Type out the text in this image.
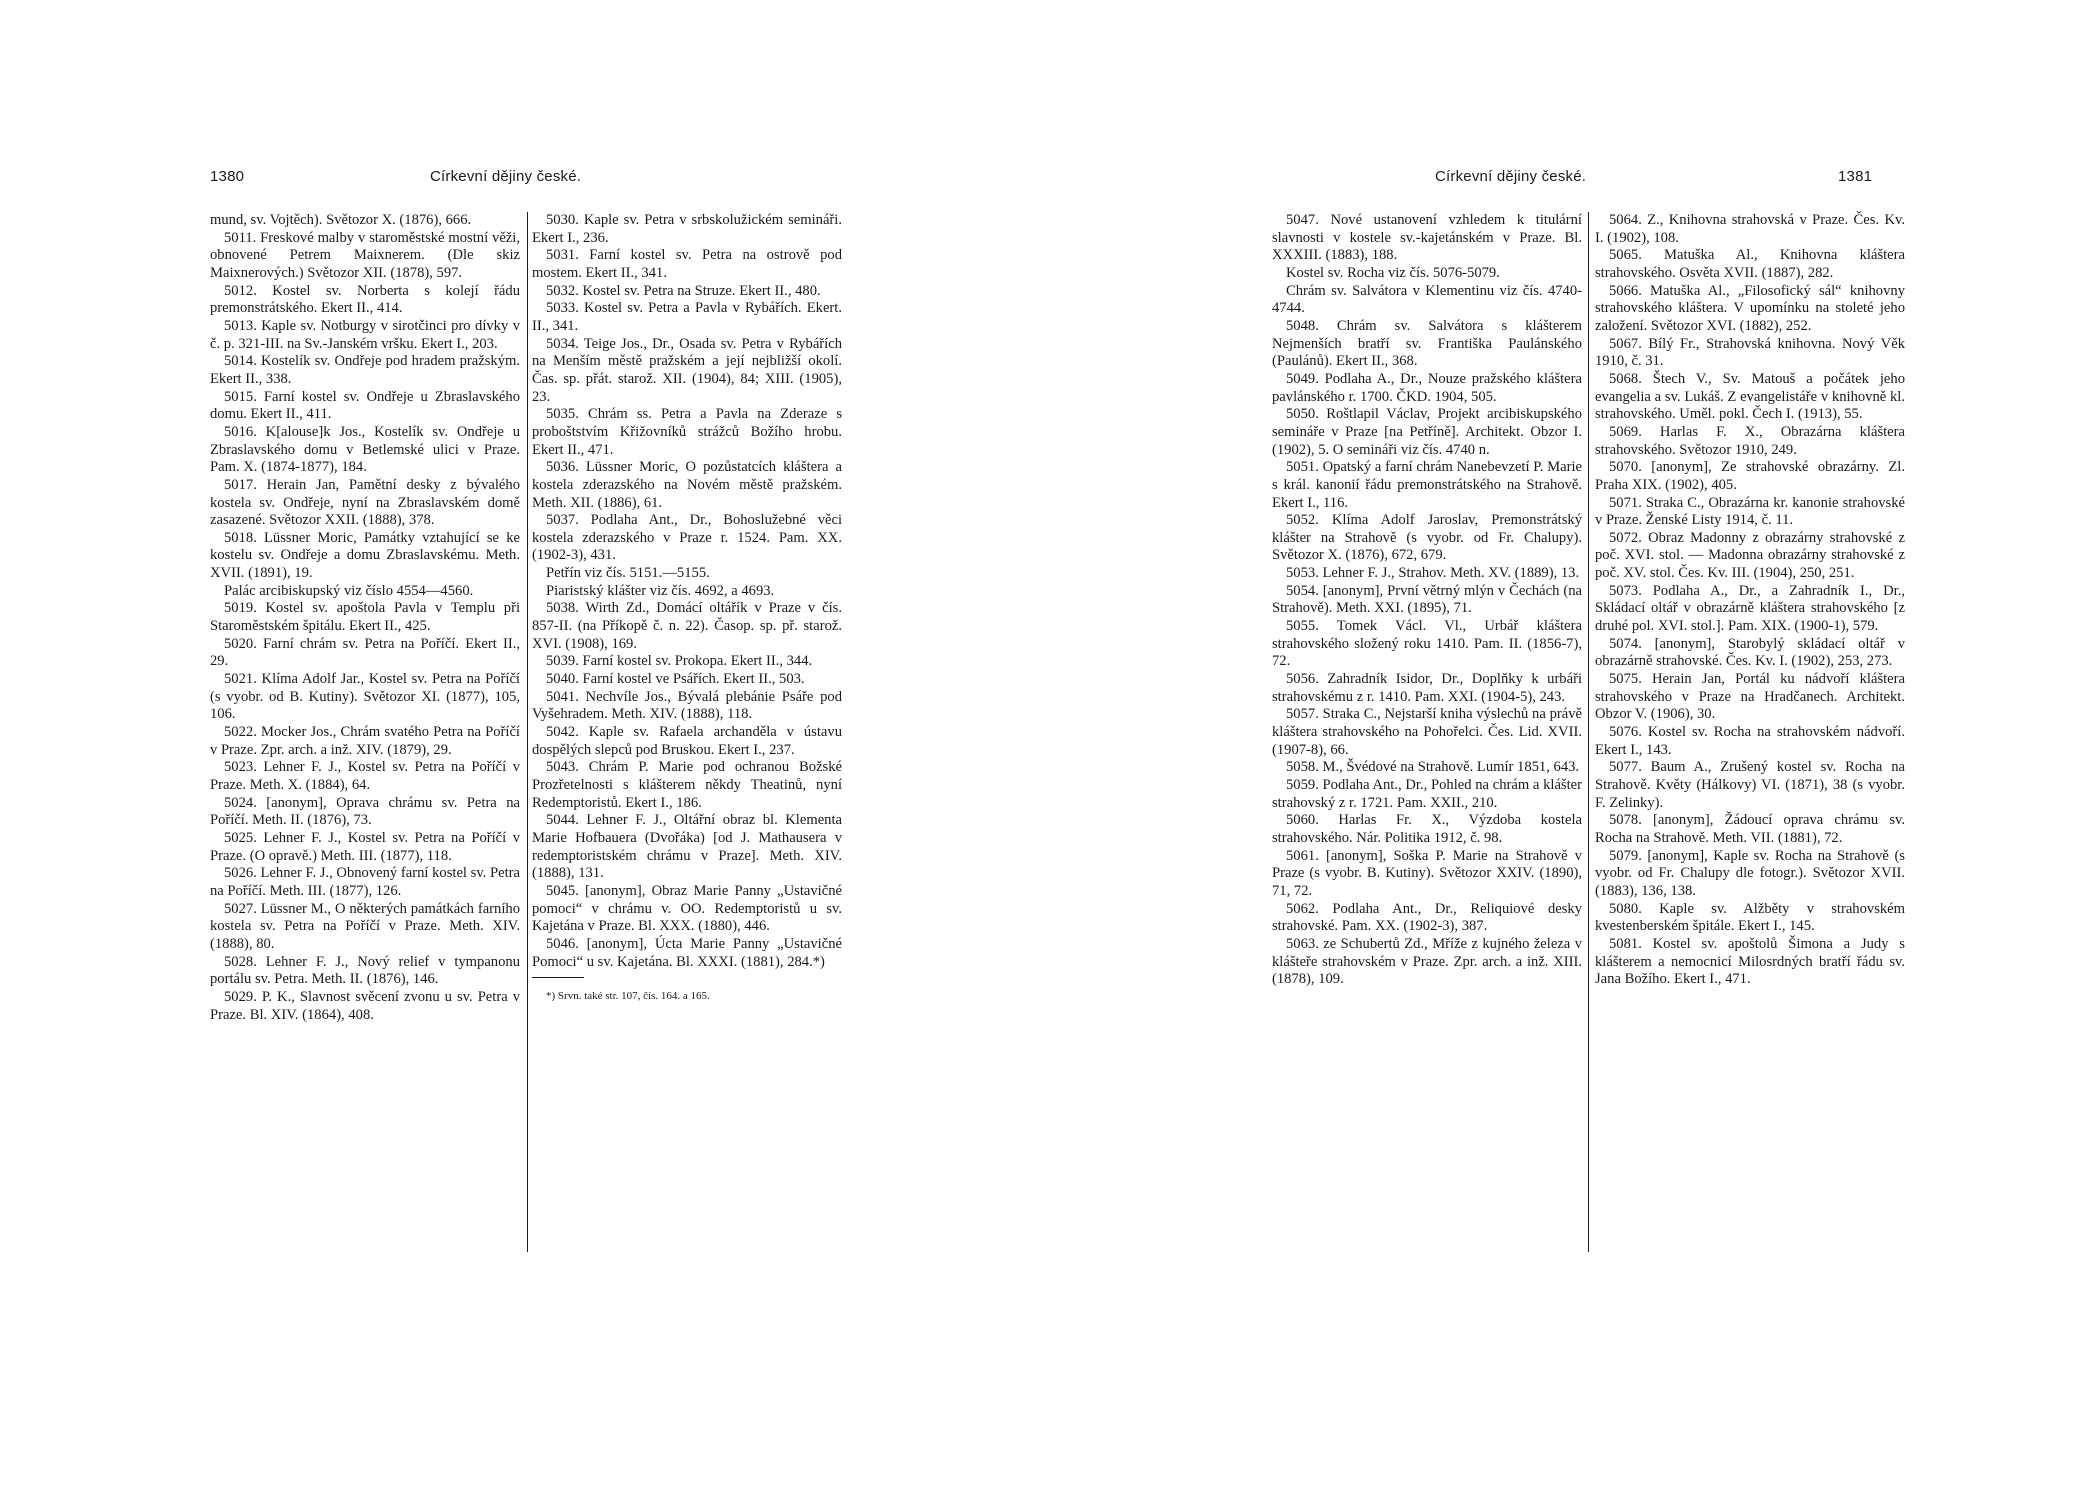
1380	Církevní dějiny české.

mund, sv. Vojtěch). Světozor X. (1876), 666.

5011. Freskové malby v staroměstské mostní věži, obnovené Petrem Maixnerem. (Dle skiz Maixnerových.) Světozor XII. (1878), 597.

5012. Kostel sv. Norberta s kolejí řádu premonstrátského. Ekert II., 414.

5013. Kaple sv. Notburgy v sirotčinci pro dívky v č. p. 321-III. na Sv.-Janském vršku. Ekert I., 203.

5014. Kostelík sv. Ondřeje pod hradem pražským. Ekert II., 338.

5015. Farní kostel sv. Ondřeje u Zbraslavského domu. Ekert II., 411.

5016. K[alouse]k Jos., Kostelík sv. Ondřeje u Zbraslavského domu v Betlemské ulici v Praze. Pam. X. (1874-1877), 184.

5017. Herain Jan, Pamětní desky z bývalého kostela sv. Ondřeje, nyní na Zbraslavském domě zasazené. Světozor XXII. (1888), 378.

5018. Lüssner Moric, Památky vztahující se ke kostelu sv. Ondřeje a domu Zbraslavskému. Meth. XVII. (1891), 19.

Palác arcibiskupský viz číslo 4554—4560.

5019. Kostel sv. apoštola Pavla v Templu při Staroměstském špitálu. Ekert II., 425.

5020. Farní chrám sv. Petra na Poříčí. Ekert II., 29.

5021. Klíma Adolf Jar., Kostel sv. Petra na Poříčí (s vyobr. od B. Kutiny). Světozor XI. (1877), 105, 106.

5022. Mocker Jos., Chrám svatého Petra na Poříčí v Praze. Zpr. arch. a inž. XIV. (1879), 29.

5023. Lehner F. J., Kostel sv. Petra na Poříčí v Praze. Meth. X. (1884), 64.

5024. [anonym], Oprava chrámu sv. Petra na Poříčí. Meth. II. (1876), 73.

5025. Lehner F. J., Kostel sv. Petra na Poříčí v Praze. (O opravě.) Meth. III. (1877), 118.

5026. Lehner F. J., Obnovený farní kostel sv. Petra na Poříčí. Meth. III. (1877), 126.

5027. Lüssner M., O některých památkách farního kostela sv. Petra na Poříčí v Praze. Meth. XIV. (1888), 80.

5028. Lehner F. J., Nový relief v tympanonu portálu sv. Petra. Meth. II. (1876), 146.

5029. P. K., Slavnost svěcení zvonu u sv. Petra v Praze. Bl. XIV. (1864), 408.

5030. Kaple sv. Petra v srbskolužickém semináři. Ekert I., 236.

5031. Farní kostel sv. Petra na ostrově pod mostem. Ekert II., 341.

5032. Kostel sv. Petra na Struze. Ekert II., 480.

5033. Kostel sv. Petra a Pavla v Rybářích. Ekert. II., 341.

5034. Teige Jos., Dr., Osada sv. Petra v Rybářích na Menším městě pražském a její nejbližší okolí. Čas. sp. přát. starož. XII. (1904), 84; XIII. (1905), 23.

5035. Chrám ss. Petra a Pavla na Zderaze s proboštstvím Křižovníků strážců Božího hrobu. Ekert II., 471.

5036. Lüssner Moric, O pozůstatcích kláštera a kostela zderazského na Novém městě pražském. Meth. XII. (1886), 61.

5037. Podlaha Ant., Dr., Bohoslužebné věci kostela zderazského v Praze r. 1524. Pam. XX. (1902-3), 431.

Petřín viz čís. 5151.—5155.

Piaristský klášter viz čís. 4692, a 4693.

5038. Wirth Zd., Domácí oltářík v Praze v čís. 857-II. (na Příkopě č. n. 22). Časop. sp. př. starož. XVI. (1908), 169.

5039. Farní kostel sv. Prokopa. Ekert II., 344.

5040. Farní kostel ve Psářích. Ekert II., 503.

5041. Nechvíle Jos., Bývalá plebánie Psáře pod Vyšehradem. Meth. XIV. (1888), 118.

5042. Kaple sv. Rafaela archanděla v ústavu dospělých slepců pod Bruskou. Ekert I., 237.

5043. Chrám P. Marie pod ochranou Božské Prozřetelnosti s klášterem někdy Theatinů, nyní Redemptoristů. Ekert I., 186.

5044. Lehner F. J., Oltářní obraz bl. Klementa Marie Hofbauera (Dvořáka) [od J. Mathausera v redemptoristském chrámu v Praze]. Meth. XIV. (1888), 131.

5045. [anonym], Obraz Marie Panny „Ustavičné pomoci“ v chrámu v. OO. Redemptoristů u sv. Kajetána v Praze. Bl. XXX. (1880), 446.

5046. [anonym], Úcta Marie Panny „Ustavičné Pomoci“ u sv. Kajetána. Bl. XXXI. (1881), 284.*)

*) Srvn. také str. 107, čís. 164. a 165.

Církevní dějiny české.	1381

5047. Nové ustanovení vzhledem k titulární slavnosti v kostele sv.-kajetánském v Praze. Bl. XXXIII. (1883), 188.

Kostel sv. Rocha viz čís. 5076-5079.

Chrám sv. Salvátora v Klementinu viz čís. 4740-4744.

5048. Chrám sv. Salvátora s klášterem Nejmenších bratří sv. Františka Paulánského (Paulánů). Ekert II., 368.

5049. Podlaha A., Dr., Nouze pražského kláštera pavlánského r. 1700. ČKD. 1904, 505.

5050. Roštlapil Václav, Projekt arcibiskupského semináře v Praze [na Petříně]. Architekt. Obzor I. (1902), 5. O semináři viz čís. 4740 n.

5051. Opatský a farní chrám Nanebevzetí P. Marie s král. kanonií řádu premonstrátského na Strahově. Ekert I., 116.

5052. Klíma Adolf Jaroslav, Premonstrátský klášter na Strahově (s vyobr. od Fr. Chalupy). Světozor X. (1876), 672, 679.

5053. Lehner F. J., Strahov. Meth. XV. (1889), 13.

5054. [anonym], První větrný mlýn v Čechách (na Strahově). Meth. XXI. (1895), 71.

5055. Tomek Václ. Vl., Urbář kláštera strahovského složený roku 1410. Pam. II. (1856-7), 72.

5056. Zahradník Isidor, Dr., Doplňky k urbáři strahovskému z r. 1410. Pam. XXI. (1904-5), 243.

5057. Straka C., Nejstarší kniha výslechů na právě kláštera strahovského na Pohořelci. Čes. Lid. XVII. (1907-8), 66.

5058. M., Švédové na Strahově. Lumír 1851, 643.

5059. Podlaha Ant., Dr., Pohled na chrám a klášter strahovský z r. 1721. Pam. XXII., 210.

5060. Harlas Fr. X., Výzdoba kostela strahovského. Nár. Politika 1912, č. 98.

5061. [anonym], Soška P. Marie na Strahově v Praze (s vyobr. B. Kutiny). Světozor XXIV. (1890), 71, 72.

5062. Podlaha Ant., Dr., Reliquiové desky strahovské. Pam. XX. (1902-3), 387.

5063. ze Schubertů Zd., Mříže z kujného železa v klášteře strahovském v Praze. Zpr. arch. a inž. XIII. (1878), 109.

5064. Z., Knihovna strahovská v Praze. Čes. Kv. I. (1902), 108.

5065. Matuška Al., Knihovna kláštera strahovského. Osvěta XVII. (1887), 282.

5066. Matuška Al., „Filosofický sál“ knihovny strahovského kláštera. V upomínku na stoleté jeho založení. Světozor XVI. (1882), 252.

5067. Bílý Fr., Strahovská knihovna. Nový Věk 1910, č. 31.

5068. Štech V., Sv. Matouš a počátek jeho evangelia a sv. Lukáš. Z evangelistáře v knihovně kl. strahovského. Uměl. pokl. Čech I. (1913), 55.

5069. Harlas F. X., Obrazárna kláštera strahovského. Světozor 1910, 249.

5070. [anonym], Ze strahovské obrazárny. Zl. Praha XIX. (1902), 405.

5071. Straka C., Obrazárna kr. kanonie strahovské v Praze. Ženské Listy 1914, č. 11.

5072. Obraz Madonny z obrazárny strahovské z poč. XVI. stol. — Madonna obrazárny strahovské z poč. XV. stol. Čes. Kv. III. (1904), 250, 251.

5073. Podlaha A., Dr., a Zahradník I., Dr., Skládací oltář v obrazárně kláštera strahovského [z druhé pol. XVI. stol.]. Pam. XIX. (1900-1), 579.

5074. [anonym], Starobylý skládací oltář v obrazárně strahovské. Čes. Kv. I. (1902), 253, 273.

5075. Herain Jan, Portál ku nádvoří kláštera strahovského v Praze na Hradčanech. Architekt. Obzor V. (1906), 30.

5076. Kostel sv. Rocha na strahovském nádvoří. Ekert I., 143.

5077. Baum A., Zrušený kostel sv. Rocha na Strahově. Květy (Hálkovy) VI. (1871), 38 (s vyobr. F. Zelinky).

5078. [anonym], Žádoucí oprava chrámu sv. Rocha na Strahově. Meth. VII. (1881), 72.

5079. [anonym], Kaple sv. Rocha na Strahově (s vyobr. od Fr. Chalupy dle fotogr.). Světozor XVII. (1883), 136, 138.

5080. Kaple sv. Alžběty v strahovském kvestenberském špitále. Ekert I., 145.

5081. Kostel sv. apoštolů Šimona a Judy s klášterem a nemocnicí Milosrdných bratří řádu sv. Jana Božího. Ekert I., 471.
